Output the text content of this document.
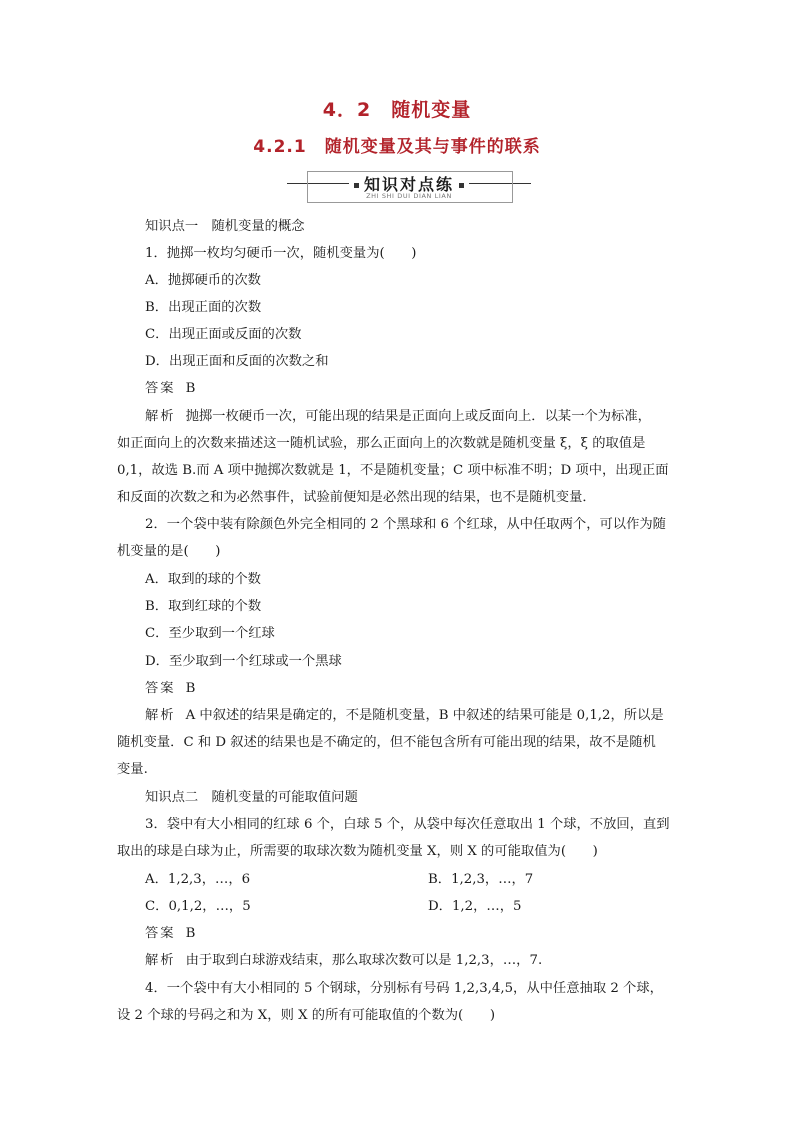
4．2　随机变量
4.2.1　随机变量及其与事件的联系
知识对点练
ZHI SHI DUI DIAN LIAN
知识点一　随机变量的概念
1．抛掷一枚均匀硬币一次，随机变量为(　　)
A．抛掷硬币的次数
B．出现正面的次数
C．出现正面或反面的次数
D．出现正面和反面的次数之和
答案 B
解析 抛掷一枚硬币一次，可能出现的结果是正面向上或反面向上．以某一个为标准，
如正面向上的次数来描述这一随机试验，那么正面向上的次数就是随机变量 ξ，ξ 的取值是
0,1，故选 B.而 A 项中抛掷次数就是 1，不是随机变量；C 项中标准不明；D 项中，出现正面
和反面的次数之和为必然事件，试验前便知是必然出现的结果，也不是随机变量．
2．一个袋中装有除颜色外完全相同的 2 个黑球和 6 个红球，从中任取两个，可以作为随
机变量的是(　　)
A．取到的球的个数
B．取到红球的个数
C．至少取到一个红球
D．至少取到一个红球或一个黑球
答案 B
解析 A 中叙述的结果是确定的，不是随机变量，B 中叙述的结果可能是 0,1,2，所以是
随机变量．C 和 D 叙述的结果也是不确定的，但不能包含所有可能出现的结果，故不是随机
变量.
知识点二　随机变量的可能取值问题
3．袋中有大小相同的红球 6 个，白球 5 个，从袋中每次任意取出 1 个球，不放回，直到
取出的球是白球为止，所需要的取球次数为随机变量 X，则 X 的可能取值为(　　)
A．1,2,3，…，6	B．1,2,3，…，7
C．0,1,2，…，5	D．1,2，…，5
答案 B
解析 由于取到白球游戏结束，那么取球次数可以是 1,2,3，…，7.
4．一个袋中有大小相同的 5 个钢球，分别标有号码 1,2,3,4,5，从中任意抽取 2 个球，
设 2 个球的号码之和为 X，则 X 的所有可能取值的个数为(　　)
